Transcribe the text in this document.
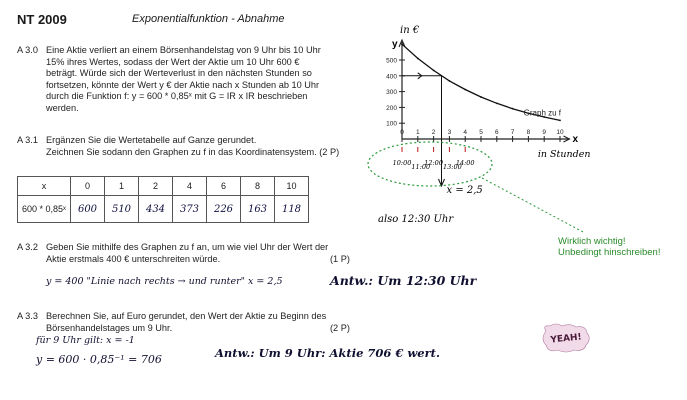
NT 2009	Exponentialfunktion - Abnahme
A 3.0 Eine Aktie verliert an einem Börsenhandelstag von 9 Uhr bis 10 Uhr
15% ihres Wertes, sodass der Wert der Aktie um 10 Uhr 600 €
beträgt. Würde sich der Werteverlust in den nächsten Stunden so
fortsetzen, könnte der Wert y € der Aktie nach x Stunden ab 10 Uhr
durch die Funktion f: y = 600 * 0,85ˣ mit G = IR x IR beschrieben
werden.
A 3.1 Ergänzen Sie die Wertetabelle auf Ganze gerundet.
Zeichnen Sie sodann den Graphen zu f in das Koordinatensystem. (2 P)
x	0	1	2	4	6	8	10
600 * 0,85ˣ	600	510	434	373	226	163	118
A 3.2 Geben Sie mithilfe des Graphen zu f an, um wie viel Uhr der Wert der
Aktie erstmals 400 € unterschreiten würde.	(1 P)
y = 400 "Linie nach rechts → und runter" x = 2,5	Antw.: Um 12:30 Uhr
A 3.3 Berechnen Sie, auf Euro gerundet, den Wert der Aktie zu Beginn des
Börsenhandelstages um 9 Uhr.	(2 P)
für 9 Uhr gilt: x = -1
y = 600 · 0,85⁻¹ = 706	Antw.: Um 9 Uhr: Aktie 706 € wert.
500
400
300
200
100
0 1 2 3 4 5 6 7 8 9 10
in €
y
x
in Stunden
Graph zu f
10:00 11:00
12:00 13:00
14:00
x = 2,5
also 12:30 Uhr
Wirklich wichtig!
Unbedingt hinschreiben!
YEAH!
